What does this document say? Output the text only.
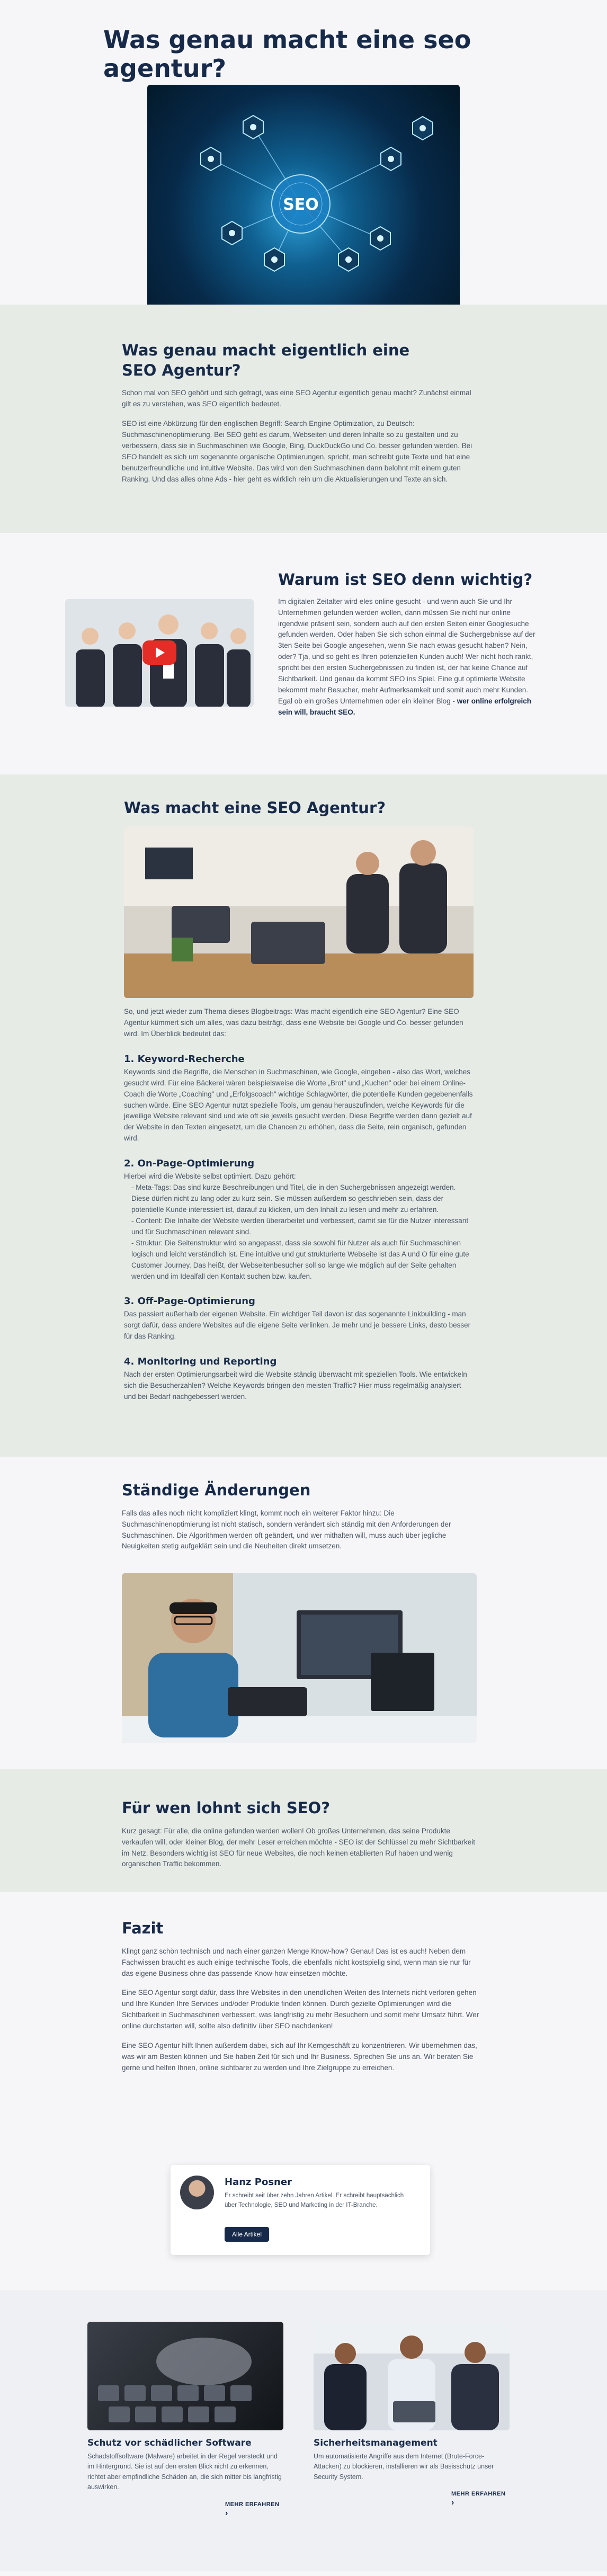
Was genau macht eine seo agentur?
SEO
Was genau macht eigentlich eine SEO Agentur?

Schon mal von SEO gehört und sich gefragt, was eine SEO Agentur eigentlich genau macht? Zunächst einmal gilt es zu verstehen, was SEO eigentlich bedeutet.

SEO ist eine Abkürzung für den englischen Begriff: Search Engine Optimization, zu Deutsch: Suchmaschinenoptimierung. Bei SEO geht es darum, Webseiten und deren Inhalte so zu gestalten und zu verbessern, dass sie in Suchmaschinen wie Google, Bing, DuckDuckGo und Co. besser gefunden werden. Bei SEO handelt es sich um sogenannte organische Optimierungen, spricht, man schreibt gute Texte und hat eine benutzerfreundliche und intuitive Website. Das wird von den Suchmaschinen dann belohnt mit einem guten Ranking. Und das alles ohne Ads - hier geht es wirklich rein um die Aktualisierungen und Texte an sich.

Warum ist SEO denn wichtig?

Im digitalen Zeitalter wird eles online gesucht - und wenn auch Sie und Ihr Unternehmen gefunden werden wollen, dann müssen Sie nicht nur online irgendwie präsent sein, sondern auch auf den ersten Seiten einer Googlesuche gefunden werden. Oder haben Sie sich schon einmal die Suchergebnisse auf der 3ten Seite bei Google angesehen, wenn Sie nach etwas gesucht haben? Nein, oder? Tja, und so geht es Ihren potenziellen Kunden auch! Wer nicht hoch rankt, spricht bei den ersten Suchergebnissen zu finden ist, der hat keine Chance auf Sichtbarkeit. Und genau da kommt SEO ins Spiel. Eine gut optimierte Website bekommt mehr Besucher, mehr Aufmerksamkeit und somit auch mehr Kunden. Egal ob ein großes Unternehmen oder ein kleiner Blog - wer online erfolgreich sein will, braucht SEO.

Was macht eine SEO Agentur?

So, und jetzt wieder zum Thema dieses Blogbeitrags: Was macht eigentlich eine SEO Agentur? Eine SEO Agentur kümmert sich um alles, was dazu beiträgt, dass eine Website bei Google und Co. besser gefunden wird. Im Überblick bedeutet das:

1. Keyword-Recherche

Keywords sind die Begriffe, die Menschen in Suchmaschinen, wie Google, eingeben - also das Wort, welches gesucht wird. Für eine Bäckerei wären beispielsweise die Worte „Brot" und „Kuchen" oder bei einem Online-Coach die Worte „Coaching" und „Erfolgscoach" wichtige Schlagwörter, die potentielle Kunden gegebenenfalls suchen würde. Eine SEO Agentur nutzt spezielle Tools, um genau herauszufinden, welche Keywords für die jeweilige Website relevant sind und wie oft sie jeweils gesucht werden. Diese Begriffe werden dann gezielt auf der Website in den Texten eingesetzt, um die Chancen zu erhöhen, dass die Seite, rein organisch, gefunden wird.

2. On-Page-Optimierung

Hierbei wird die Website selbst optimiert. Dazu gehört:

- Meta-Tags: Das sind kurze Beschreibungen und Titel, die in den Suchergebnissen angezeigt werden. Diese dürfen nicht zu lang oder zu kurz sein. Sie müssen außerdem so geschrieben sein, dass der potentielle Kunde interessiert ist, darauf zu klicken, um den Inhalt zu lesen und mehr zu erfahren.
- Content: Die Inhalte der Website werden überarbeitet und verbessert, damit sie für die Nutzer interessant und für Suchmaschinen relevant sind.
- Struktur: Die Seitenstruktur wird so angepasst, dass sie sowohl für Nutzer als auch für Suchmaschinen logisch und leicht verständlich ist. Eine intuitive und gut strukturierte Webseite ist das A und O für eine gute Customer Journey. Das heißt, der Webseitenbesucher soll so lange wie möglich auf der Seite gehalten werden und im Idealfall den Kontakt suchen bzw. kaufen.
3. Off-Page-Optimierung

Das passiert außerhalb der eigenen Website. Ein wichtiger Teil davon ist das sogenannte Linkbuilding - man sorgt dafür, dass andere Websites auf die eigene Seite verlinken. Je mehr und je bessere Links, desto besser für das Ranking.

4. Monitoring und Reporting

Nach der ersten Optimierungsarbeit wird die Website ständig überwacht mit speziellen Tools. Wie entwickeln sich die Besucherzahlen? Welche Keywords bringen den meisten Traffic? Hier muss regelmäßig analysiert und bei Bedarf nachgebessert werden.

Ständige Änderungen

Falls das alles noch nicht kompliziert klingt, kommt noch ein weiterer Faktor hinzu: Die Suchmaschinenoptimierung ist nicht statisch, sondern verändert sich ständig mit den Anforderungen der Suchmaschinen. Die Algorithmen werden oft geändert, und wer mithalten will, muss auch über jegliche Neuigkeiten stetig aufgeklärt sein und die Neuheiten direkt umsetzen.

Für wen lohnt sich SEO?

Kurz gesagt: Für alle, die online gefunden werden wollen! Ob großes Unternehmen, das seine Produkte verkaufen will, oder kleiner Blog, der mehr Leser erreichen möchte - SEO ist der Schlüssel zu mehr Sichtbarkeit im Netz. Besonders wichtig ist SEO für neue Websites, die noch keinen etablierten Ruf haben und wenig organischen Traffic bekommen.

Fazit

Klingt ganz schön technisch und nach einer ganzen Menge Know-how? Genau! Das ist es auch! Neben dem Fachwissen braucht es auch einige technische Tools, die ebenfalls nicht kostspielig sind, wenn man sie nur für das eigene Business ohne das passende Know-how einsetzen möchte.

Eine SEO Agentur sorgt dafür, dass Ihre Websites in den unendlichen Weiten des Internets nicht verloren gehen und Ihre Kunden Ihre Services und/oder Produkte finden können. Durch gezielte Optimierungen wird die Sichtbarkeit in Suchmaschinen verbessert, was langfristig zu mehr Besuchern und somit mehr Umsatz führt. Wer online durchstarten will, sollte also definitiv über SEO nachdenken!

Eine SEO Agentur hilft Ihnen außerdem dabei, sich auf Ihr Kerngeschäft zu konzentrieren. Wir übernehmen das, was wir am Besten können und Sie haben Zeit für sich und Ihr Business. Sprechen Sie uns an. Wir beraten Sie gerne und helfen Ihnen, online sichtbarer zu werden und Ihre Zielgruppe zu erreichen.

Hanz Posner

Er schreibt seit über zehn Jahren Artikel. Er schreibt hauptsächlich über Technologie, SEO und Marketing in der IT-Branche.

Alle Artikel
Schutz vor schädlicher Software

Schadstoffsoftware (Malware) arbeitet in der Regel versteckt und im Hintergrund. Sie ist auf den ersten Blick nicht zu erkennen, richtet aber empfindliche Schäden an, die sich mitter bis langfristig auswirken.

MEHR ERFAHREN ›
Sicherheitsmanagement

Um automatisierte Angriffe aus dem Internet (Brute-Force-Attacken) zu blockieren, installieren wir als Basisschutz unser Security System.

MEHR ERFAHREN ›
